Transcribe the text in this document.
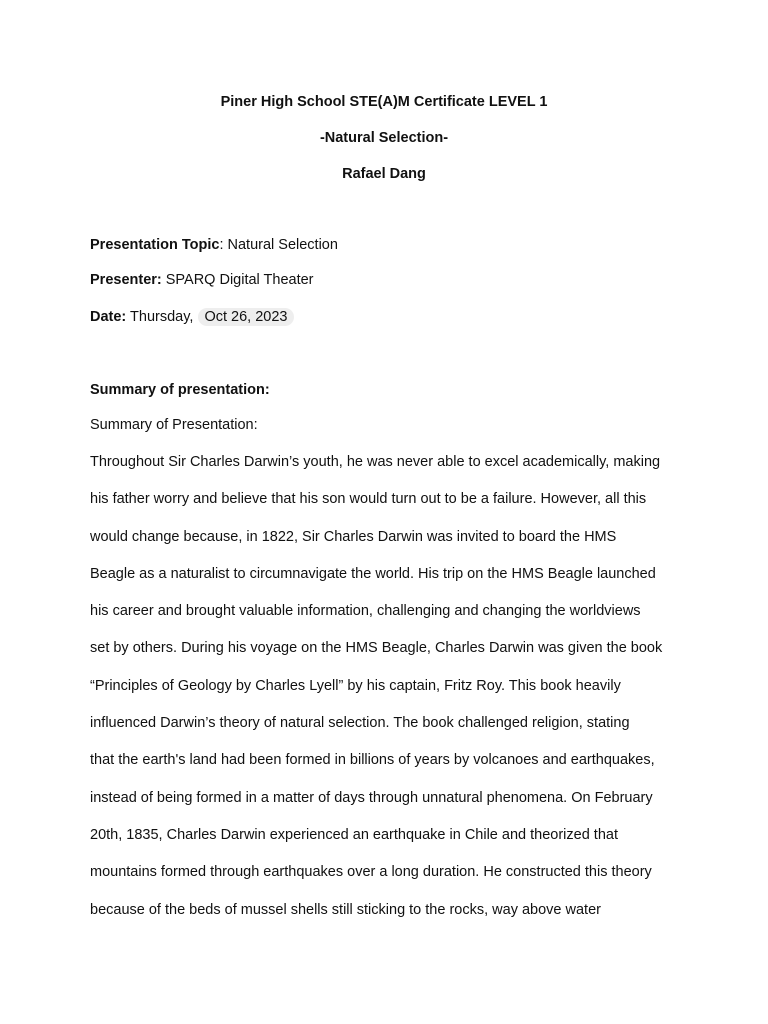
Piner High School STE(A)M Certificate LEVEL 1
-Natural Selection-
Rafael Dang
Presentation Topic: Natural Selection
Presenter: SPARQ Digital Theater
Date: Thursday, Oct 26, 2023
Summary of presentation:
Summary of Presentation:
Throughout Sir Charles Darwin’s youth, he was never able to excel academically, making
his father worry and believe that his son would turn out to be a failure. However, all this
would change because, in 1822, Sir Charles Darwin was invited to board the HMS
Beagle as a naturalist to circumnavigate the world. His trip on the HMS Beagle launched
his career and brought valuable information, challenging and changing the worldviews
set by others. During his voyage on the HMS Beagle, Charles Darwin was given the book
“Principles of Geology by Charles Lyell” by his captain, Fritz Roy. This book heavily
influenced Darwin’s theory of natural selection. The book challenged religion, stating
that the earth's land had been formed in billions of years by volcanoes and earthquakes,
instead of being formed in a matter of days through unnatural phenomena. On February
20th, 1835, Charles Darwin experienced an earthquake in Chile and theorized that
mountains formed through earthquakes over a long duration. He constructed this theory
because of the beds of mussel shells still sticking to the rocks, way above water
